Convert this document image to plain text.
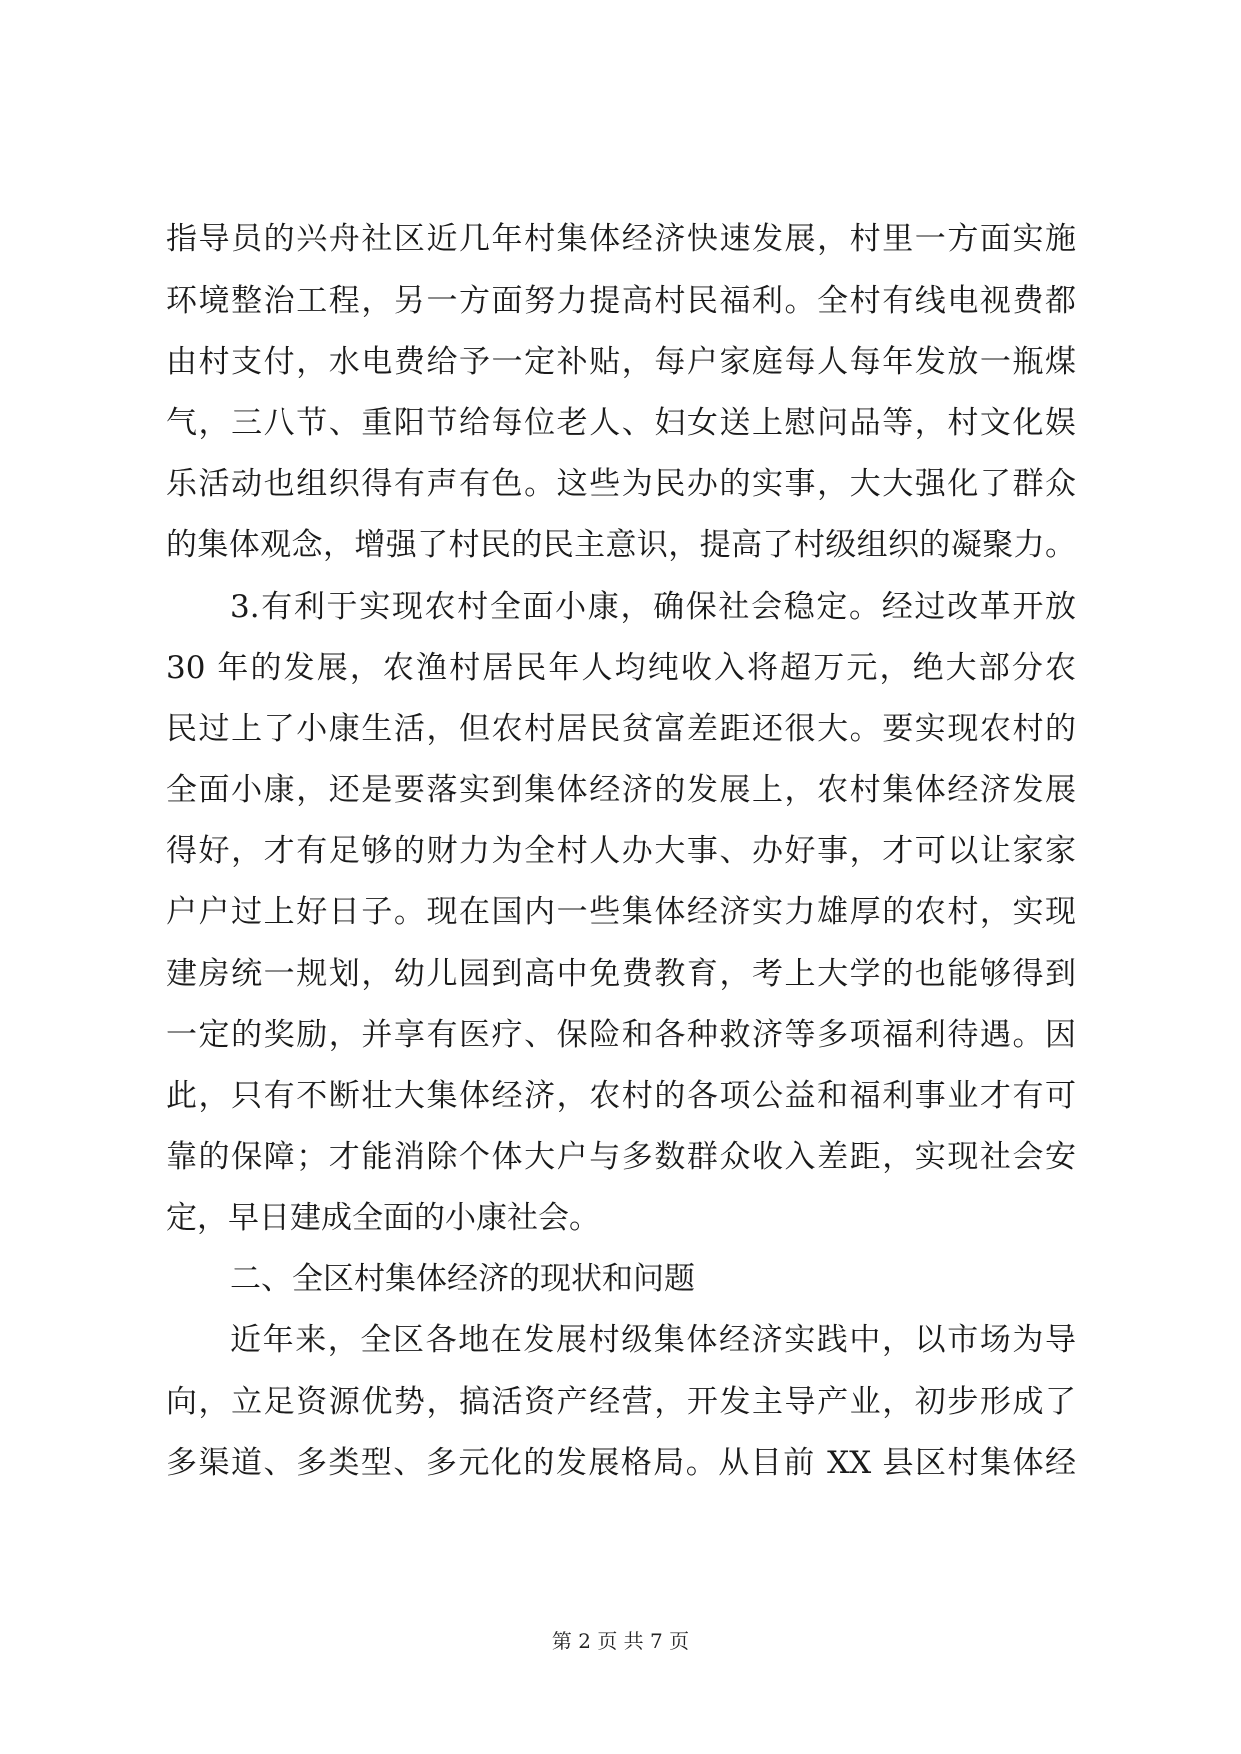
指导员的兴舟社区近几年村集体经济快速发展，村里一方面实施
环境整治工程，另一方面努力提高村民福利。全村有线电视费都
由村支付，水电费给予一定补贴，每户家庭每人每年发放一瓶煤
气，三八节、重阳节给每位老人、妇女送上慰问品等，村文化娱
乐活动也组织得有声有色。这些为民办的实事，大大强化了群众
的集体观念，增强了村民的民主意识，提高了村级组织的凝聚力。
3.有利于实现农村全面小康，确保社会稳定。经过改革开放
30 年的发展，农渔村居民年人均纯收入将超万元，绝大部分农
民过上了小康生活，但农村居民贫富差距还很大。要实现农村的
全面小康，还是要落实到集体经济的发展上，农村集体经济发展
得好，才有足够的财力为全村人办大事、办好事，才可以让家家
户户过上好日子。现在国内一些集体经济实力雄厚的农村，实现
建房统一规划，幼儿园到高中免费教育，考上大学的也能够得到
一定的奖励，并享有医疗、保险和各种救济等多项福利待遇。因
此，只有不断壮大集体经济，农村的各项公益和福利事业才有可
靠的保障；才能消除个体大户与多数群众收入差距，实现社会安
定，早日建成全面的小康社会。
二、全区村集体经济的现状和问题
近年来，全区各地在发展村级集体经济实践中，以市场为导
向，立足资源优势，搞活资产经营，开发主导产业，初步形成了
多渠道、多类型、多元化的发展格局。从目前 XX 县区村集体经
第 2 页 共 7 页
